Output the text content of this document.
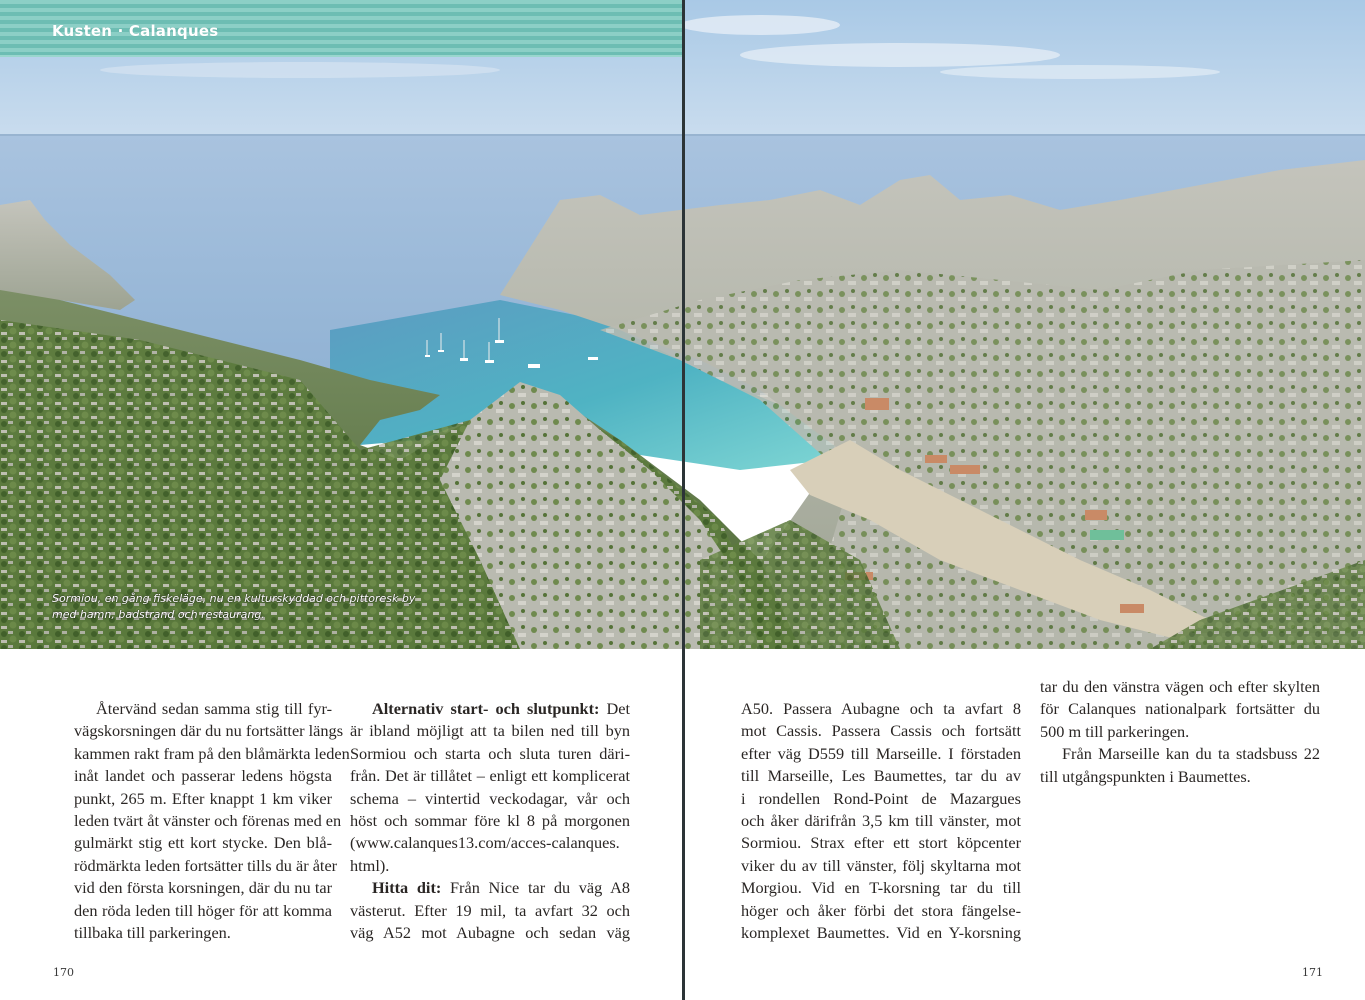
Kusten · Calanques
Sormiou, en gång fiskeläge, nu en kulturskyddad och pittoresk by
med hamn, badstrand och restaurang.

Återvänd sedan samma stig till fyr-
vägskorsningen där du nu fortsätter längs
kammen rakt fram på den blåmärkta leden
inåt landet och passerar ledens högsta
punkt, 265 m. Efter knappt 1 km viker
leden tvärt åt vänster och förenas med en
gulmärkt stig ett kort stycke. Den blå-
rödmärkta leden fortsätter tills du är åter
vid den första korsningen, där du nu tar
den röda leden till höger för att komma
tillbaka till parkeringen.

Alternativ start- och slutpunkt: Det
är ibland möjligt att ta bilen ned till byn
Sormiou och starta och sluta turen däri-
från. Det är tillåtet – enligt ett komplicerat
schema – vintertid veckodagar, vår och
höst och sommar före kl 8 på morgonen
(www.calanques13.com/acces-calanques.
html).

Hitta dit: Från Nice tar du väg A8
västerut. Efter 19 mil, ta avfart 32 och
väg A52 mot Aubagne och sedan väg

A50. Passera Aubagne och ta avfart 8
mot Cassis. Passera Cassis och fortsätt
efter väg D559 till Marseille. I förstaden
till Marseille, Les Baumettes, tar du av
i rondellen Rond-Point de Mazargues
och åker därifrån 3,5 km till vänster, mot
Sormiou. Strax efter ett stort köpcenter
viker du av till vänster, följ skyltarna mot
Morgiou. Vid en T-korsning tar du till
höger och åker förbi det stora fängelse-
komplexet Baumettes. Vid en Y-korsning

tar du den vänstra vägen och efter skylten
för Calanques nationalpark fortsätter du
500 m till parkeringen.

Från Marseille kan du ta stadsbuss 22
till utgångspunkten i Baumettes.

170	171
